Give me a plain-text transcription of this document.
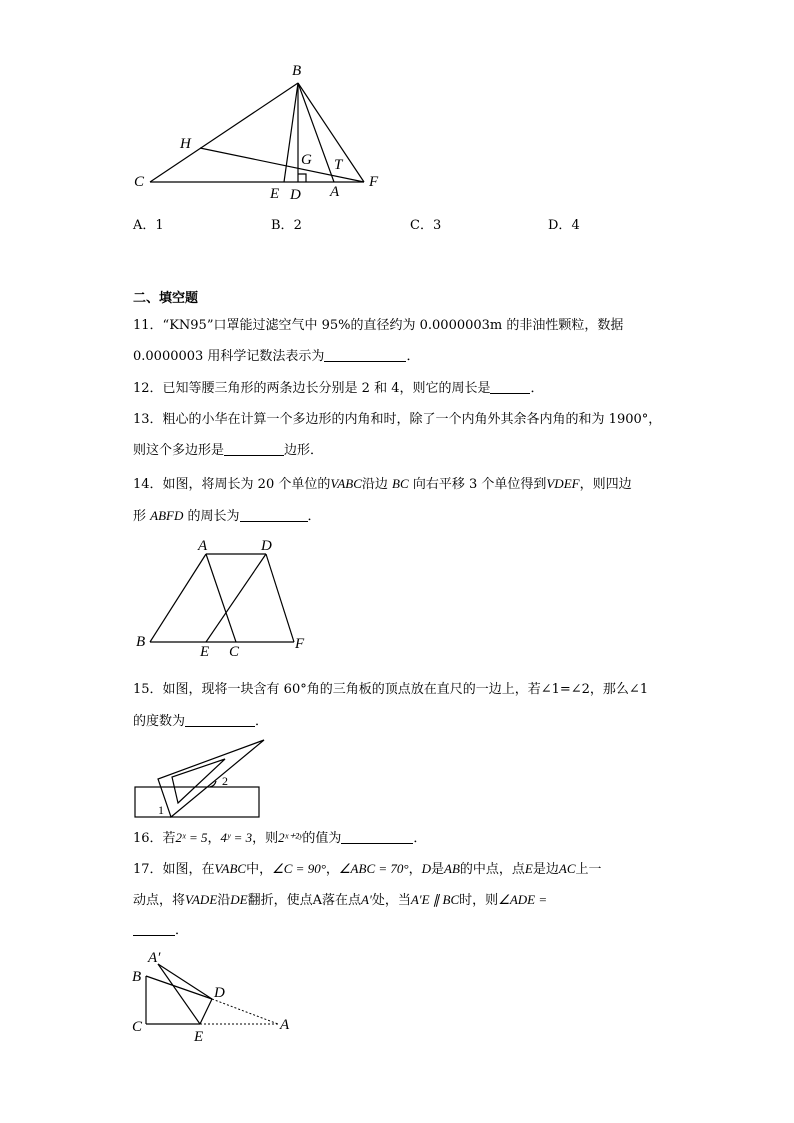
B
H
G T
C
E D A
F
A．1	B．2	C．3	D．4
二、填空题
11．“KN95”口罩能过滤空气中 95%的直径约为 0.0000003m 的非油性颗粒，数据
0.0000003 用科学记数法表示为	．
12．已知等腰三角形的两条边长分别是 2 和 4，则它的周长是	．
13．粗心的小华在计算一个多边形的内角和时，除了一个内角外其余各内角的和为 1900°，
则这个多边形是	边形．
14．如图，将周长为 20 个单位的VABC沿边 BC 向右平移 3 个单位得到VDEF，则四边
形 ABFD 的周长为	．
A	D
B
E C	F
15．如图，现将一块含有 60°角的三角板的顶点放在直尺的一边上，若∠1=∠2，那么∠1
的度数为	．
1
2
16．若2ˣ = 5，4ʸ = 3，则2ˣ⁺²ʸ的值为	．
17．如图，在VABC中，∠C = 90°，∠ABC = 70°，D是AB的中点，点E是边AC上一
动点，将VADE沿DE翻折，使点A落在点A′处，当A′E ∥ BC时，则∠ADE =
．
A′
B
D
C
E
A
